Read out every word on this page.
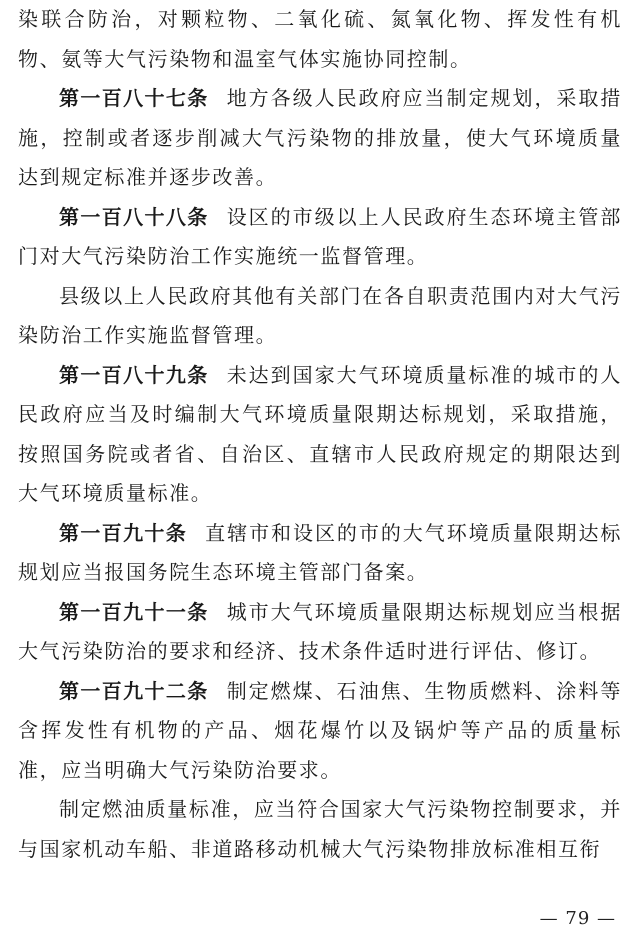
染联合防治，对颗粒物、二氧化硫、氮氧化物、挥发性有机物、氨等大气污染物和温室气体实施协同控制。

第一百八十七条 地方各级人民政府应当制定规划，采取措施，控制或者逐步削减大气污染物的排放量，使大气环境质量达到规定标准并逐步改善。

第一百八十八条 设区的市级以上人民政府生态环境主管部门对大气污染防治工作实施统一监督管理。

县级以上人民政府其他有关部门在各自职责范围内对大气污染防治工作实施监督管理。

第一百八十九条 未达到国家大气环境质量标准的城市的人民政府应当及时编制大气环境质量限期达标规划，采取措施，按照国务院或者省、自治区、直辖市人民政府规定的期限达到大气环境质量标准。

第一百九十条 直辖市和设区的市的大气环境质量限期达标规划应当报国务院生态环境主管部门备案。

第一百九十一条 城市大气环境质量限期达标规划应当根据大气污染防治的要求和经济、技术条件适时进行评估、修订。

第一百九十二条 制定燃煤、石油焦、生物质燃料、涂料等含挥发性有机物的产品、烟花爆竹以及锅炉等产品的质量标准，应当明确大气污染防治要求。

制定燃油质量标准，应当符合国家大气污染物控制要求，并与国家机动车船、非道路移动机械大气污染物排放标准相互衔

— 79 —
